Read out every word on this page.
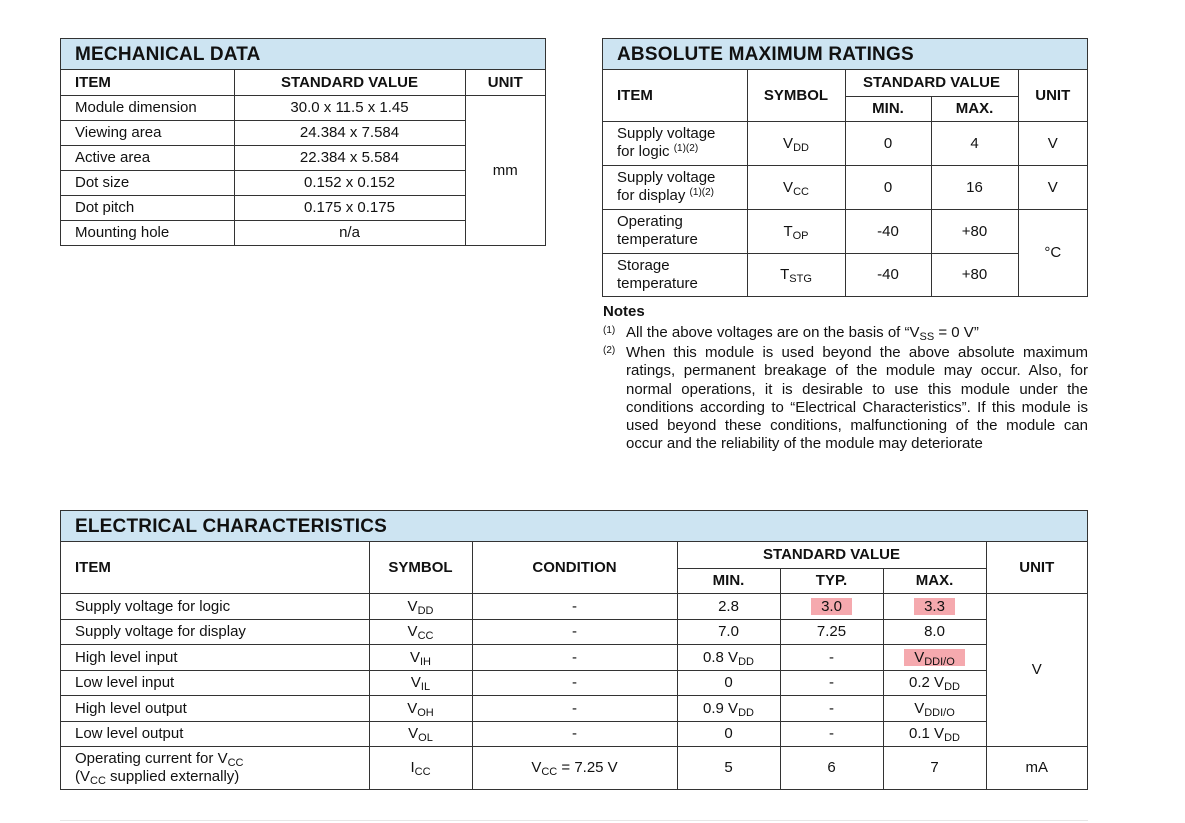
MECHANICAL DATA
ITEM	STANDARD VALUE	UNIT
Module dimension	30.0 x 11.5 x 1.45	mm
Viewing area	24.384 x 7.584	
Active area	22.384 x 5.584	
Dot size	0.152 x 0.152	
Dot pitch	0.175 x 0.175	
Mounting hole	n/a	
ABSOLUTE MAXIMUM RATINGS
ITEM	SYMBOL	STANDARD VALUE		UNIT
		MIN.	MAX.	
Supply voltage
for logic $^{(1)(2)}$	$V_{DD}$	0	4	V
Supply voltage
for display $^{(1)(2)}$	$V_{CC}$	0	16	V
Operating
temperature	$T_{OP}$	-40	+80	°C
Storage
temperature	$T_{STG}$	-40	+80	
Notes
(1) All the above voltages are on the basis of “$V_{SS} = 0$ V”
(2) When this module is used beyond the above absolute maximum ratings, permanent breakage of the module may occur. Also, for normal operations, it is desirable to use this module under the conditions according to “Electrical Characteristics”. If this module is used beyond these conditions, malfunctioning of the module can occur and the reliability of the module may deteriorate
ELECTRICAL CHARACTERISTICS
ITEM	SYMBOL	CONDITION	STANDARD VALUE			UNIT
			MIN.	TYP.	MAX.	
Supply voltage for logic	$V_{DD}$	-	2.8	3.0	3.3	V
Supply voltage for display	$V_{CC}$	-	7.0	7.25	8.0	
High level input	$V_{IH}$	-	0.8 $V_{DD}$	-	$V_{DDI/O}$
Low level input	$V_{IL}$	-	0	-	0.2 $V_{DD}$
High level output	$V_{OH}$	-	0.9 $V_{DD}$	-	$V_{DDI/O}$
Low level output	$V_{OL}$	-	0	-	0.1 $V_{DD}$
Operating current for $V_{CC}$
($V_{CC}$ supplied externally)	$I_{CC}$	$V_{CC} = 7.25$ V	5	6	7	mA
